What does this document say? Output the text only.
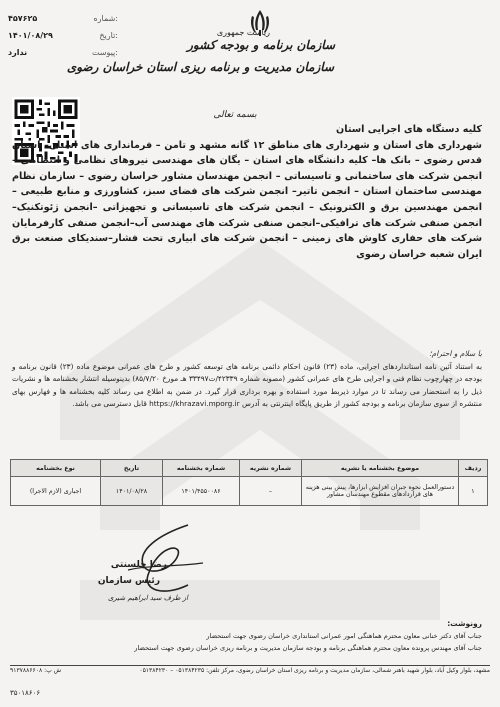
۴۵۷۶۲۵	شماره:
۱۴۰۱/۰۸/۲۹	تاریخ:
ندارد	پیوست:
ریاست جمهوری
سازمان برنامه و بودجه کشور
سازمان مدیریت و برنامه ریزی استان خراسان رضوی
بسمه تعالی
کلیه دستگاه های اجرایی استان
شهرداری های استان و شهرداری های مناطق ۱۲ گانه مشهد و تامن – فرمانداری های استان– استان قدس رضوی – بانک ها– کلیه دانشگاه های استان – یگان های مهندسی نیروهای نظامی و انتظامی – انجمن شرکت های ساختمانی و تاسیساتی – انجمن مهندسان مشاور خراسان رضوی – سازمان نظام مهندسی ساختمان استان – انجمن تاتیر– انجمن شرکت های فضای سبز، کشاورزی و منابع طبیعی – انجمن مهندسین برق و الکترونیک – انجمن شرکت های تاسیساتی و تجهیزاتی –انجمن ژئوتکنیک–انجمن صنفی شرکت های ترافیکی–انجمن صنفی شرکت های مهندسی آب–انجمن صنفی کارفرمایان شرکت های حفاری کاوش های زمینی – انجمن شرکت های ابیاری تحت فشار–سندیکای صنعت برق ایران شعبه خراسان رضوی
با سلام و احترام؛
به استناد آئین نامه استانداردهای اجرایی، ماده (۲۳) قانون احکام دائمی برنامه های توسعه کشور و طرح های عمرانی موضوع ماده (۲۳) قانون برنامه و بودجه در چهارچوب نظام فنی و اجرایی طرح های عمرانی کشور (مصوبه شماره ۴۲۳۳۹/ت۳۳۴۹۷ هـ مورخ ۸۵/۷/۲۰) بدینوسیله انتشار بخشنامه ها و نشریات ذیل را به استحضار می رساند تا در موارد ذیربط مورد استفاده و بهره برداری قرار گیرد. در ضمن به اطلاع می رساند کلیه بخشنامه ها و فهارس بهای منتشره از سوی سازمان برنامه و بودجه کشور از طریق پایگاه اینترنتی به آدرس https://khrazavi.mporg.ir قابل دسترسی می باشد.
ردیف	موضوع بخشنامه یا نشریه	شماره نشریه	شماره بخشنامه	تاریخ	نوع بخشنامه
۱	دستورالعمل نحوه جبران افزایش ابزارها، پیش بینی هزینه های قراردادهای مقطوع مهندسان مشاور	–	۱۴۰۱/۴۵۵۰۰۸۶	۱۴۰۱/۰۸/۲۸	اجباری (لازم الاجرا)
رضا جلسنتی
رئیس سازمان
از طرف سید ابراهیم شیری
رونوشت:
جناب آقای دکتر خنانی معاون محترم هماهنگی امور عمرانی استانداری خراسان رضوی جهت استحضار
جناب آقای مهندس پرونده معاون محترم هماهنگی برنامه و بودجه سازمان مدیریت و برنامه ریزی خراسان رضوی جهت استحضار
مشهد، بلوار وکیل آباد، بلوار شهید باهنر شمالی، سازمان مدیریت و برنامه ریزی استان خراسان رضوی، مرکز تلفن: ۰۵۱۳۸۴۲۳۵ – ۰۵۱۳۸۴۲۳۰
ش پ: ۹۱۳۷۸۸۶۶۰۸
۳۵۰۱۸۶۰۶
